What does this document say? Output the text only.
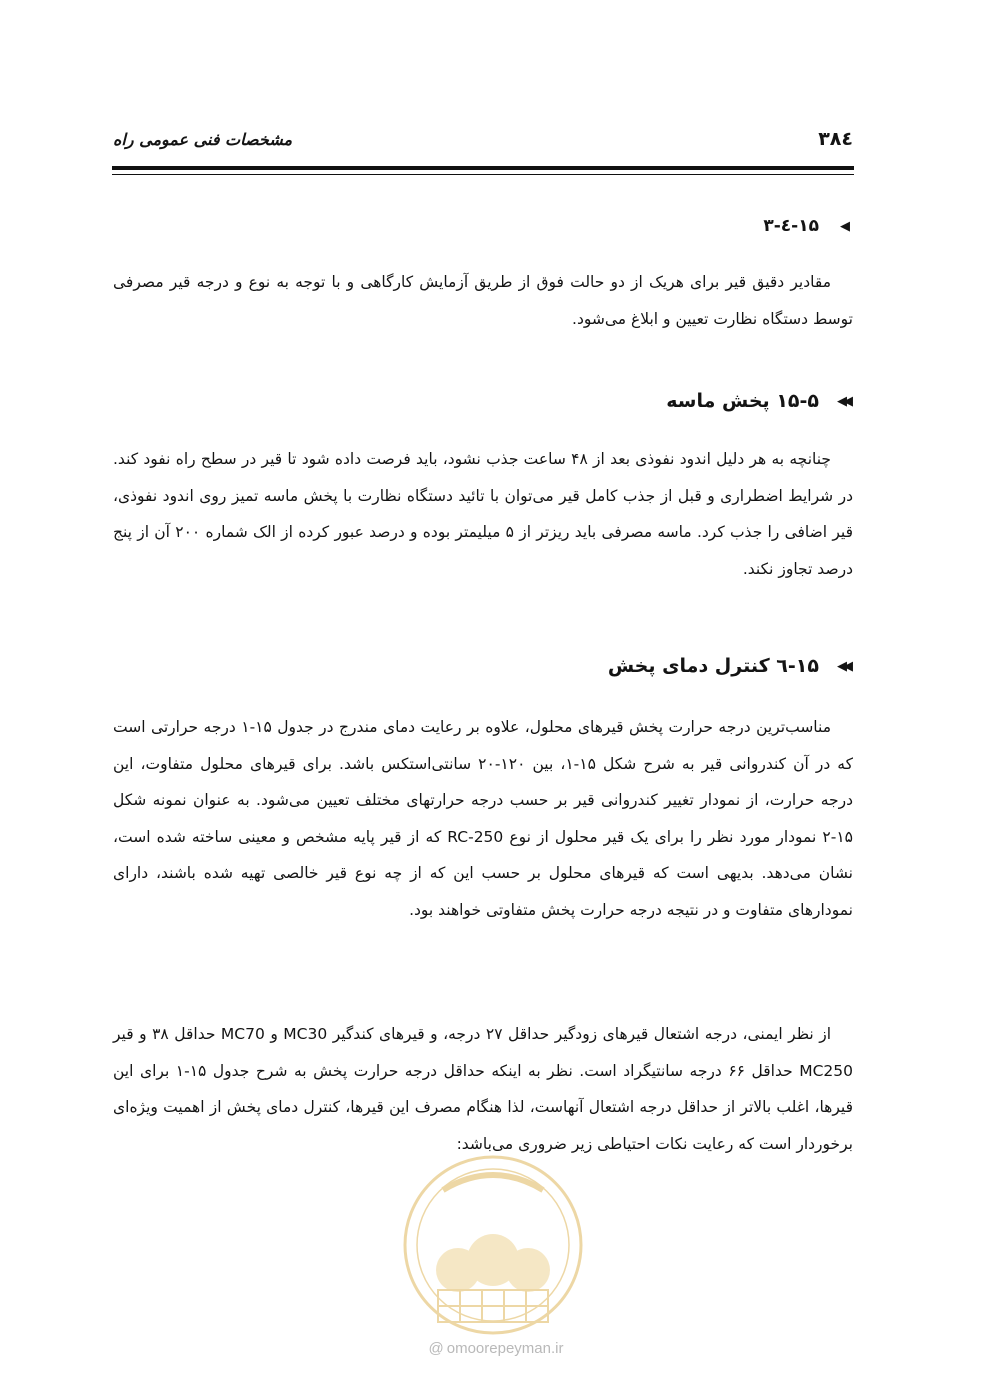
۳۸٤
مشخصات فنی عمومی راه
◀
۱۵-٤-۳

مقادیر دقیق قیر برای هریک از دو حالت فوق از طریق آزمایش کارگاهی و با توجه به نوع و درجه قیر مصرفی توسط دستگاه نظارت تعیین و ابلاغ می‌شود.

◀◀
۱۵-۵ پخش ماسه

چنانچه به هر دلیل اندود نفوذی بعد از ۴۸ ساعت جذب نشود، باید فرصت داده شود تا قیر در سطح راه نفود کند. در شرایط اضطراری و قبل از جذب کامل قیر می‌توان با تائید دستگاه نظارت با پخش ماسه تمیز روی اندود نفوذی، قیر اضافی را جذب کرد. ماسه مصرفی باید ریزتر از ۵ میلیمتر بوده و درصد عبور کرده از الک شماره ۲۰۰ آن از پنج درصد تجاوز نکند.

◀◀
۱۵-٦ کنترل دمای پخش

مناسب‌ترین درجه حرارت پخش قیرهای محلول، علاوه بر رعایت دمای مندرج در جدول ۱۵-۱ درجه حرارتی است که در آن کندروانی قیر به شرح شکل ۱۵-۱، بین ۱۲۰-۲۰ سانتی‌استکس باشد. برای قیرهای محلول متفاوت، این درجه حرارت، از نمودار تغییر کندروانی قیر بر حسب درجه حرارتهای مختلف تعیین می‌شود. به عنوان نمونه شکل ۱۵-۲ نمودار مورد نظر را برای یک قیر محلول از نوع RC-250 که از قیر پایه مشخص و معینی ساخته شده است، نشان می‌دهد. بدیهی است که قیرهای محلول بر حسب این که از چه نوع قیر خالصی تهیه شده باشند، دارای نمودارهای متفاوت و در نتیجه درجه حرارت پخش متفاوتی خواهند بود.

از نظر ایمنی، درجه اشتعال قیرهای زودگیر حداقل ۲۷ درجه، و قیرهای کندگیر MC30 و MC70 حداقل ۳۸ و قیر MC250 حداقل ۶۶ درجه سانتیگراد است. نظر به اینکه حداقل درجه حرارت پخش به شرح جدول ۱۵-۱ برای این قیرها، اغلب بالاتر از حداقل درجه اشتعال آنهاست، لذا هنگام مصرف این قیرها، کنترل دمای پخش از اهمیت ویژه‌ای برخوردار است که رعایت نکات احتیاطی زیر ضروری می‌باشد:

@ omoorepeyman.ir
